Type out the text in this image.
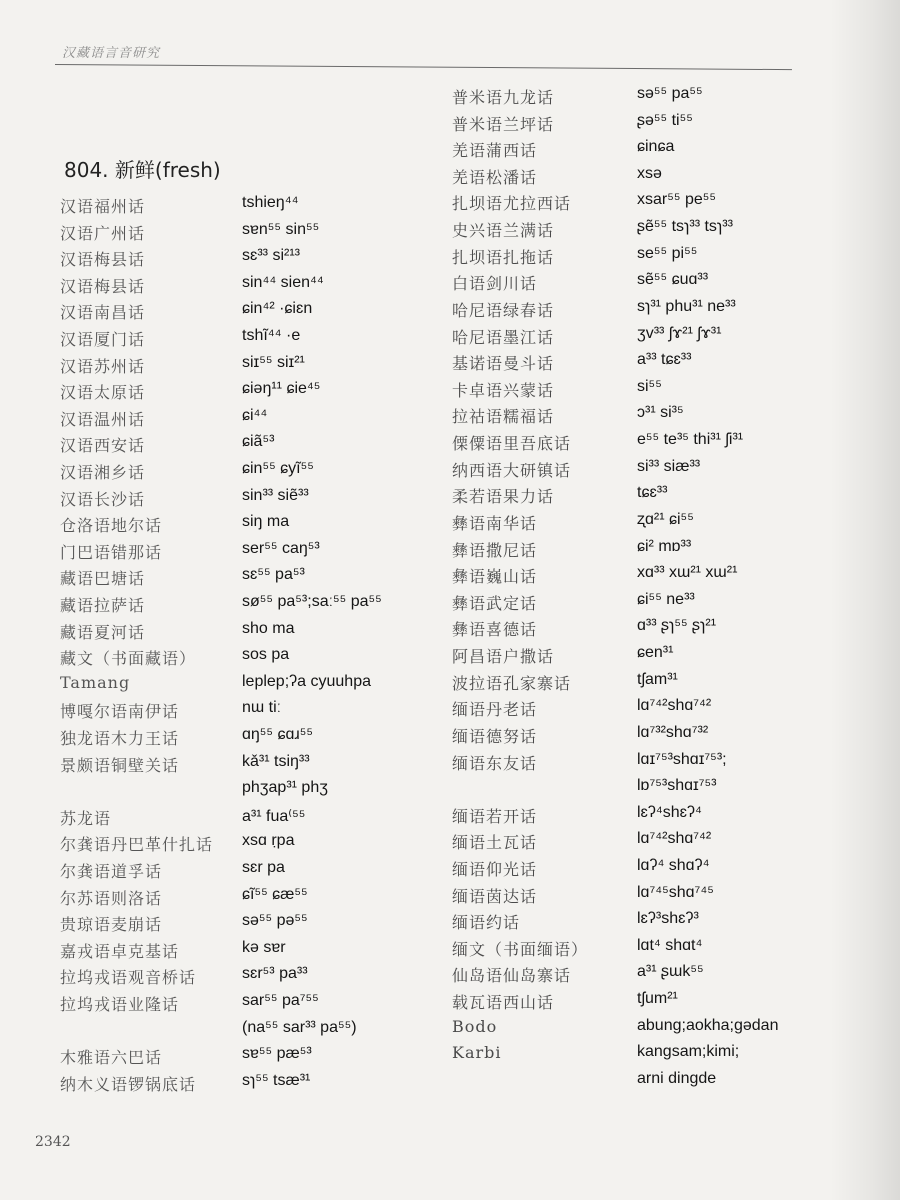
汉藏语言音研究
804. 新鲜(fresh)
汉语福州话	tshieŋ⁴⁴
汉语广州话	sɐn⁵⁵ sin⁵⁵
汉语梅县话	sɛ³³ si²¹³
汉语梅县话	sin⁴⁴ sien⁴⁴
汉语南昌话	ɕin⁴² ·ɕiɛn
汉语厦门话	tshĩ⁴⁴ ·e
汉语苏州话	siɪ⁵⁵ siɪ²¹
汉语太原话	ɕiəŋ¹¹ ɕie⁴⁵
汉语温州话	ɕi⁴⁴
汉语西安话	ɕiã⁵³
汉语湘乡话	ɕin⁵⁵ ɕyĩ⁵⁵
汉语长沙话	sin³³ siẽ³³
仓洛语地尔话	siŋ ma
门巴语错那话	ser⁵⁵ caŋ⁵³
藏语巴塘话	sɛ⁵⁵ pa⁵³
藏语拉萨话	sø⁵⁵ pa⁵³;saː⁵⁵ pa⁵⁵
藏语夏河话	sho ma
藏文（书面藏语）	sos pa
Tamang	leplep;ʔa cyuuhpa
博嘎尔语南伊话	nɯ tiː
独龙语木力王话	ɑŋ⁵⁵ ɕɑɹ⁵⁵
景颇语铜壁关话	kǎ³¹ tsiŋ³³
phʒap³¹ phʒ
苏龙语	a³¹ fua⁽⁵⁵
尔龚语丹巴革什扎话 xsɑ ṛpa
尔龚语道孚话	sɛr pa
尔苏语则洛话	ɕĩ⁵⁵ ɕæ⁵⁵
贵琼语麦崩话	sə⁵⁵ pə⁵⁵
嘉戎语卓克基话	kə sɐr
拉坞戎语观音桥话	sɛr⁵³ pa³³
拉坞戎语业隆话	sar⁵⁵ pa⁷⁵⁵
(na⁵⁵ sar³³ pa⁵⁵)
木雅语六巴话	sɐ⁵⁵ pæ⁵³
纳木义语锣锅底话	sɿ⁵⁵ tsæ³¹
普米语九龙话	sə⁵⁵ pa⁵⁵
普米语兰坪话	ʂə⁵⁵ ti⁵⁵
羌语蒲西话	ɕinɕa
羌语松潘话	xsə
扎坝语尤拉西话	xsar⁵⁵ pe⁵⁵
史兴语兰满话	ʂẽ⁵⁵ tsɿ³³ tsɿ³³
扎坝语扎拖话	se⁵⁵ pi⁵⁵
白语剑川话	sẽ⁵⁵ ɕuɑ³³
哈尼语绿春话	sɿ³¹ phu³¹ ne³³
哈尼语墨江话	ʒv³³ ʃɤ²¹ ʃɤ³¹
基诺语曼斗话	a³³ tɕɛ³³
卡卓语兴蒙话	si⁵⁵
拉祜语糯福话	ɔ³¹ si³⁵
傈僳语里吾底话	e⁵⁵ te³⁵ thi³¹ ʃi³¹
纳西语大研镇话	si³³ siæ³³
柔若语果力话	tɕɛ³³
彝语南华话	ʐɑ²¹ ɕi⁵⁵
彝语撒尼话	ɕi² mɒ³³
彝语巍山话	xɑ³³ xɯ²¹ xɯ²¹
彝语武定话	ɕi⁵⁵ ne³³
彝语喜德话	ɑ³³ ʂɿ⁵⁵ ʂɿ²¹
阿昌语户撒话	ɕen³¹
波拉语孔家寨话	tʃam³¹
缅语丹老话	lɑ⁷⁴²shɑ⁷⁴²
缅语德努话	lɑ⁷³²shɑ⁷³²
缅语东友话	lɑɪ⁷⁵³shɑɪ⁷⁵³;
lɒ⁷⁵³shɑɪ⁷⁵³
缅语若开话	lɛʔ⁴shɛʔ⁴
缅语土瓦话	lɑ⁷⁴²shɑ⁷⁴²
缅语仰光话	lɑʔ⁴ shɑʔ⁴
缅语茵达话	lɑ⁷⁴⁵shɑ⁷⁴⁵
缅语约话	lɛʔ³shɛʔ³
缅文（书面缅语）	lɑt⁴ shɑt⁴
仙岛语仙岛寨话	a³¹ ʂɯk⁵⁵
载瓦语西山话	tʃum²¹
Bodo	abung;aokha;gədan
Karbi	kangsam;kimi;
arni dingde
2342
